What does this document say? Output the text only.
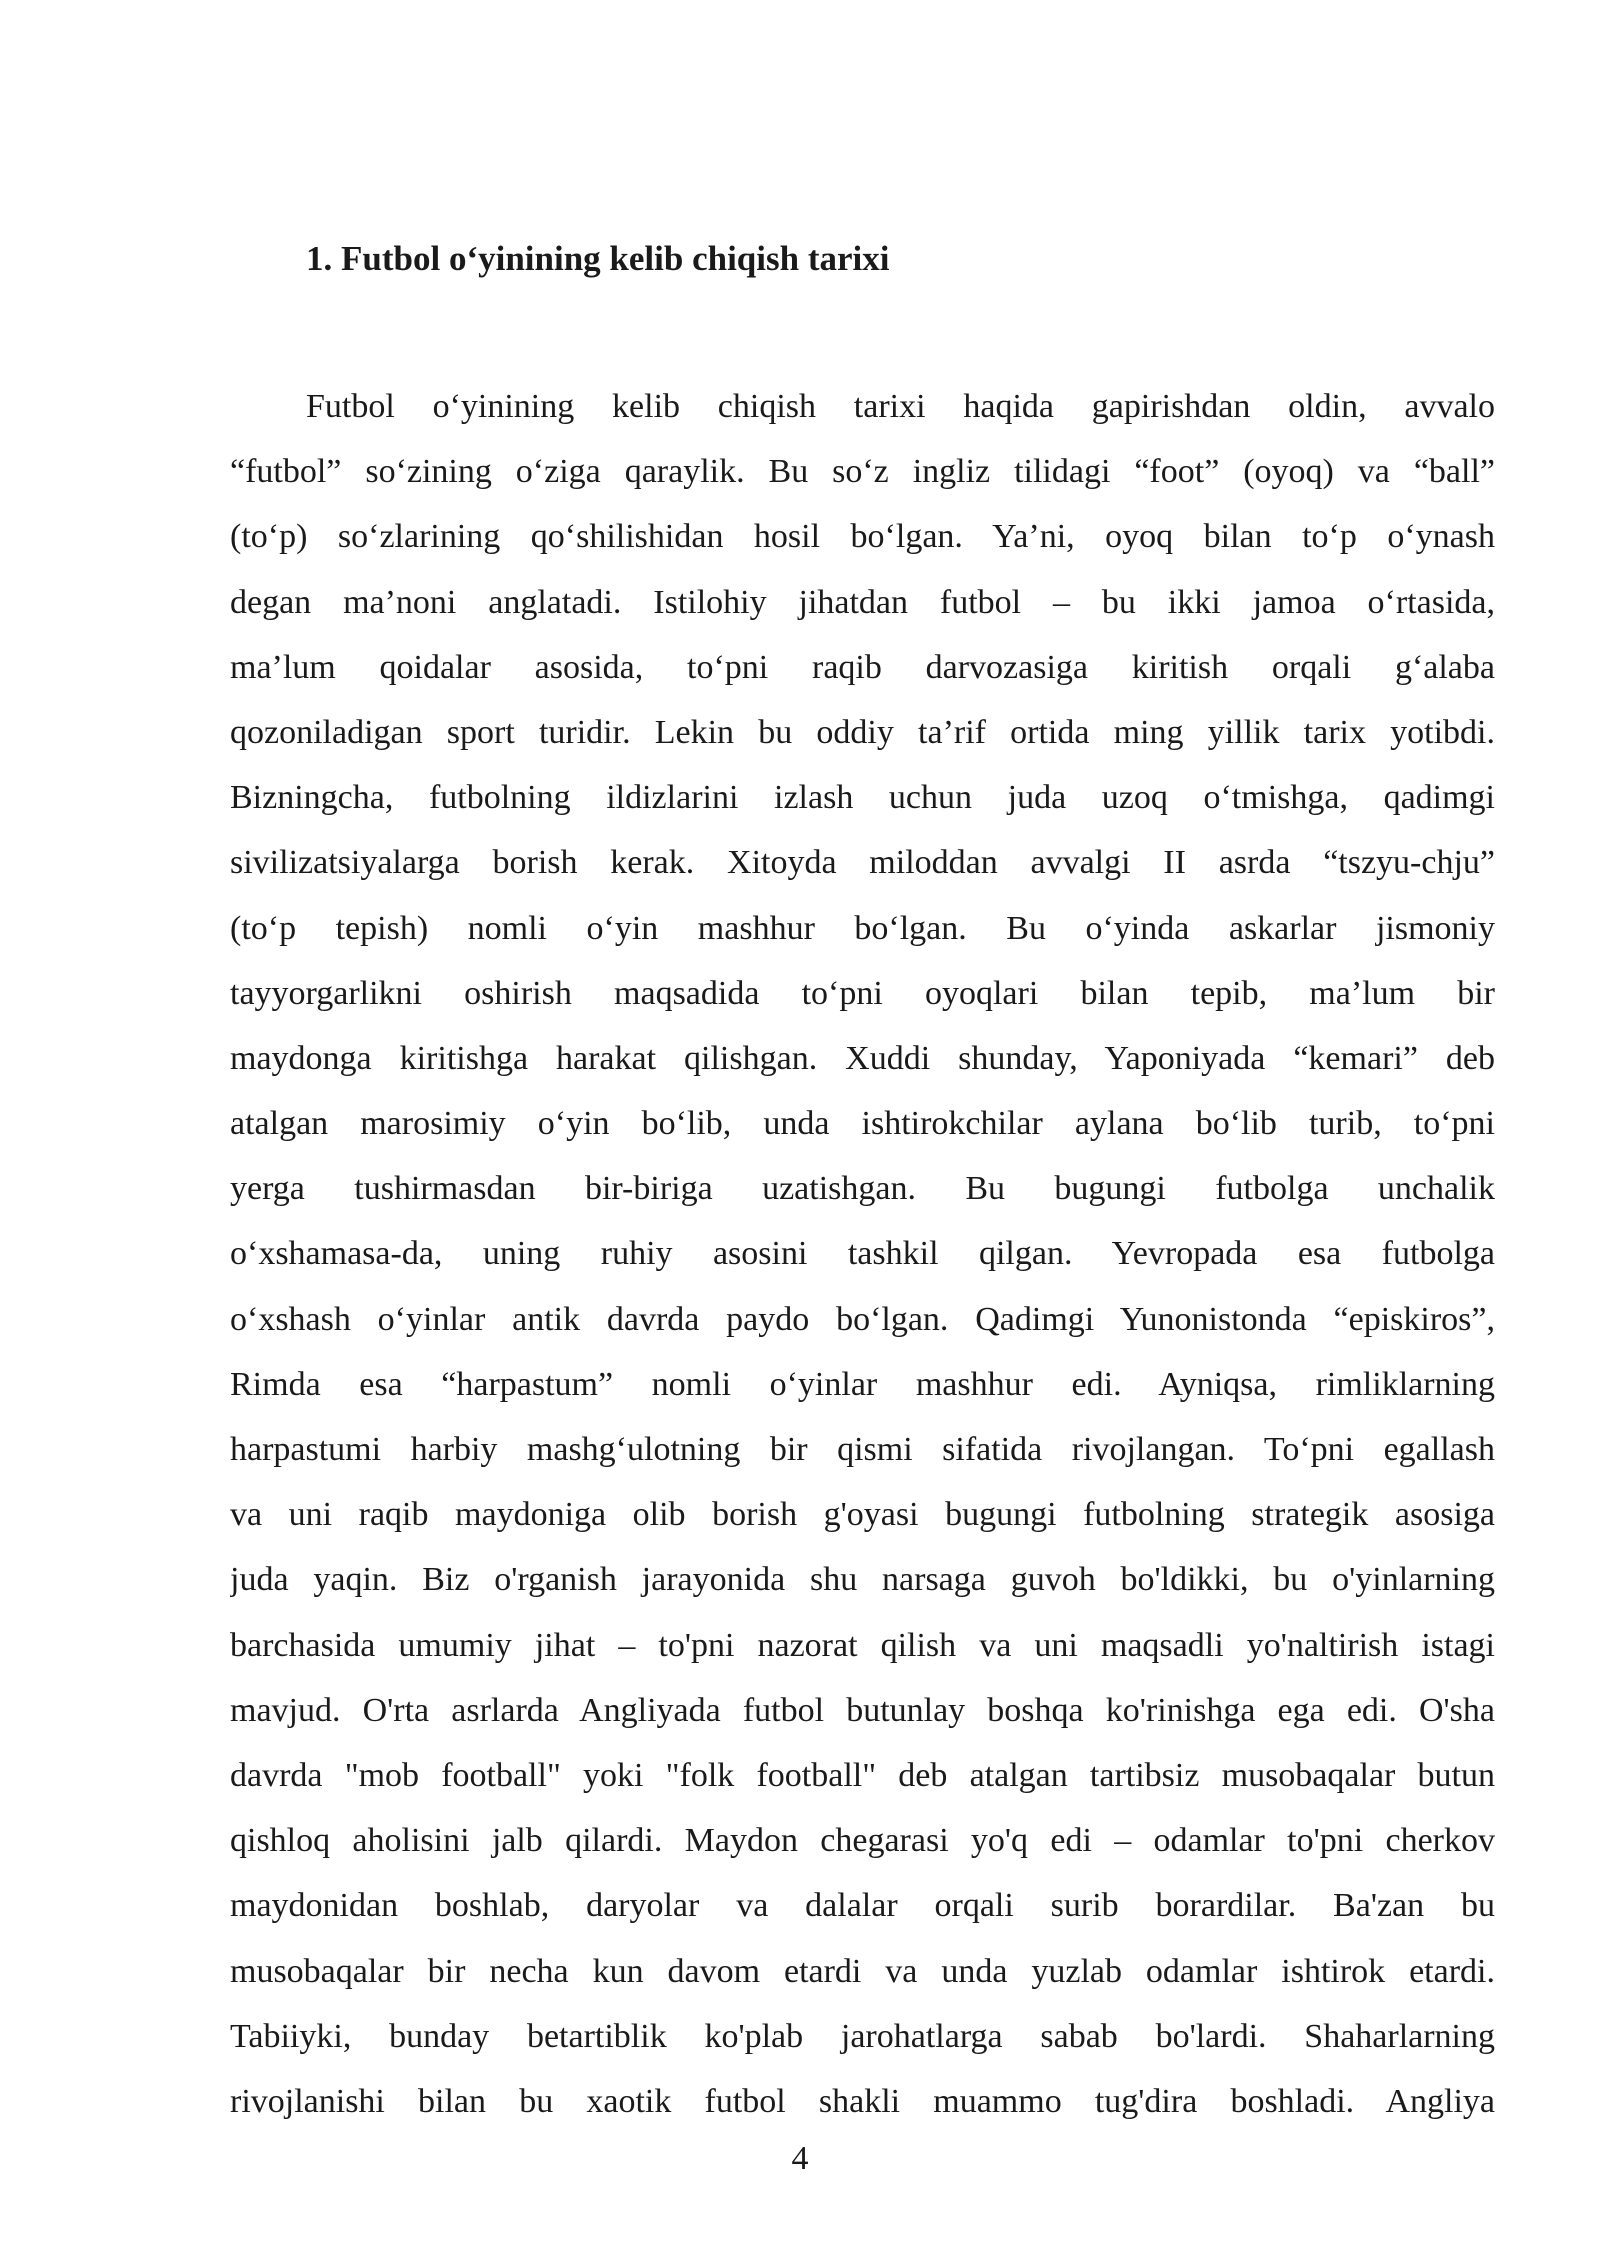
1. Futbol o‘yinining kelib chiqish tarixi
Futbol o‘yinining kelib chiqish tarixi haqida gapirishdan oldin, avvalo
“futbol” so‘zining o‘ziga qaraylik. Bu so‘z ingliz tilidagi “foot” (oyoq) va “ball”
(to‘p) so‘zlarining qo‘shilishidan hosil bo‘lgan. Ya’ni, oyoq bilan to‘p o‘ynash
degan ma’noni anglatadi. Istilohiy jihatdan futbol – bu ikki jamoa o‘rtasida,
ma’lum qoidalar asosida, to‘pni raqib darvozasiga kiritish orqali g‘alaba
qozoniladigan sport turidir. Lekin bu oddiy ta’rif ortida ming yillik tarix yotibdi.
Bizningcha, futbolning ildizlarini izlash uchun juda uzoq o‘tmishga, qadimgi
sivilizatsiyalarga borish kerak. Xitoyda miloddan avvalgi II asrda “tszyu-chju”
(to‘p tepish) nomli o‘yin mashhur bo‘lgan. Bu o‘yinda askarlar jismoniy
tayyorgarlikni oshirish maqsadida to‘pni oyoqlari bilan tepib, ma’lum bir
maydonga kiritishga harakat qilishgan. Xuddi shunday, Yaponiyada “kemari” deb
atalgan marosimiy o‘yin bo‘lib, unda ishtirokchilar aylana bo‘lib turib, to‘pni
yerga tushirmasdan bir-biriga uzatishgan. Bu bugungi futbolga unchalik
o‘xshamasa-da, uning ruhiy asosini tashkil qilgan. Yevropada esa futbolga
o‘xshash o‘yinlar antik davrda paydo bo‘lgan. Qadimgi Yunonistonda “episkiros”,
Rimda esa “harpastum” nomli o‘yinlar mashhur edi. Ayniqsa, rimliklarning
harpastumi harbiy mashg‘ulotning bir qismi sifatida rivojlangan. To‘pni egallash
va uni raqib maydoniga olib borish g'oyasi bugungi futbolning strategik asosiga
juda yaqin. Biz o'rganish jarayonida shu narsaga guvoh bo'ldikki, bu o'yinlarning
barchasida umumiy jihat – to'pni nazorat qilish va uni maqsadli yo'naltirish istagi
mavjud. O'rta asrlarda Angliyada futbol butunlay boshqa ko'rinishga ega edi. O'sha
davrda "mob football" yoki "folk football" deb atalgan tartibsiz musobaqalar butun
qishloq aholisini jalb qilardi. Maydon chegarasi yo'q edi – odamlar to'pni cherkov
maydonidan boshlab, daryolar va dalalar orqali surib borardilar. Ba'zan bu
musobaqalar bir necha kun davom etardi va unda yuzlab odamlar ishtirok etardi.
Tabiiyki, bunday betartiblik ko'plab jarohatlarga sabab bo'lardi. Shaharlarning
rivojlanishi bilan bu xaotik futbol shakli muammo tug'dira boshladi. Angliya
4
